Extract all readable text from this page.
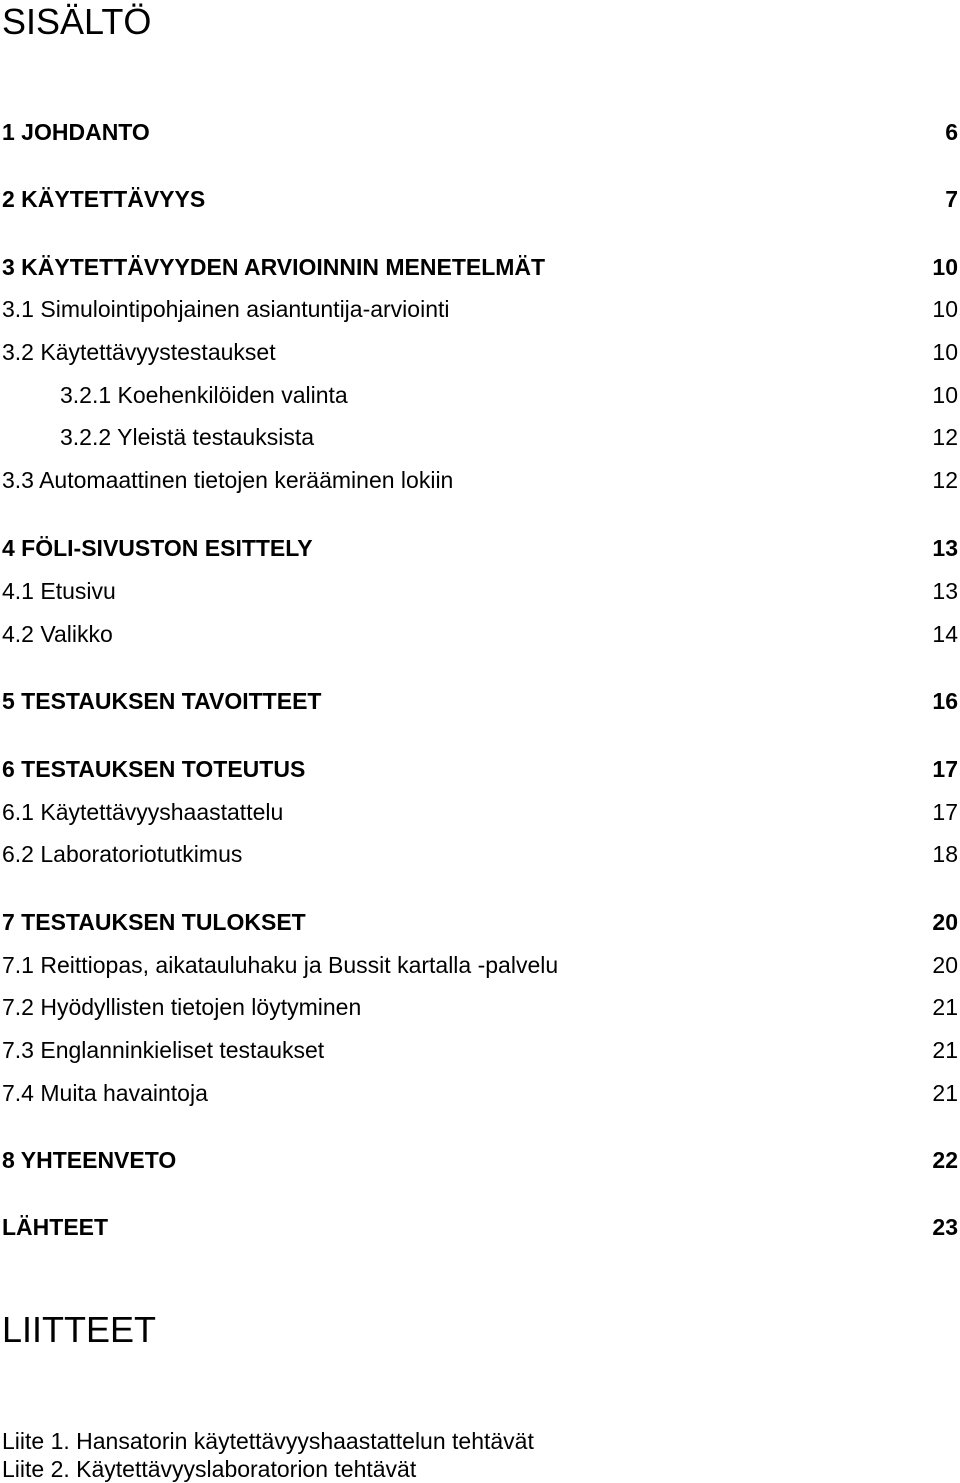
SISÄLTÖ
1 JOHDANTO	6
2 KÄYTETTÄVYYS	7
3 KÄYTETTÄVYYDEN ARVIOINNIN MENETELMÄT	10
3.1 Simulointipohjainen asiantuntija-arviointi	10
3.2 Käytettävyystestaukset	10
3.2.1 Koehenkilöiden valinta	10
3.2.2 Yleistä testauksista	12
3.3 Automaattinen tietojen kerääminen lokiin	12
4 FÖLI-SIVUSTON ESITTELY	13
4.1 Etusivu	13
4.2 Valikko	14
5 TESTAUKSEN TAVOITTEET	16
6 TESTAUKSEN TOTEUTUS	17
6.1 Käytettävyyshaastattelu	17
6.2 Laboratoriotutkimus	18
7 TESTAUKSEN TULOKSET	20
7.1 Reittiopas, aikatauluhaku ja Bussit kartalla -palvelu	20
7.2 Hyödyllisten tietojen löytyminen	21
7.3 Englanninkieliset testaukset	21
7.4 Muita havaintoja	21
8 YHTEENVETO	22
LÄHTEET	23
LIITTEET
Liite 1. Hansatorin käytettävyyshaastattelun tehtävät
Liite 2. Käytettävyyslaboratorion tehtävät
